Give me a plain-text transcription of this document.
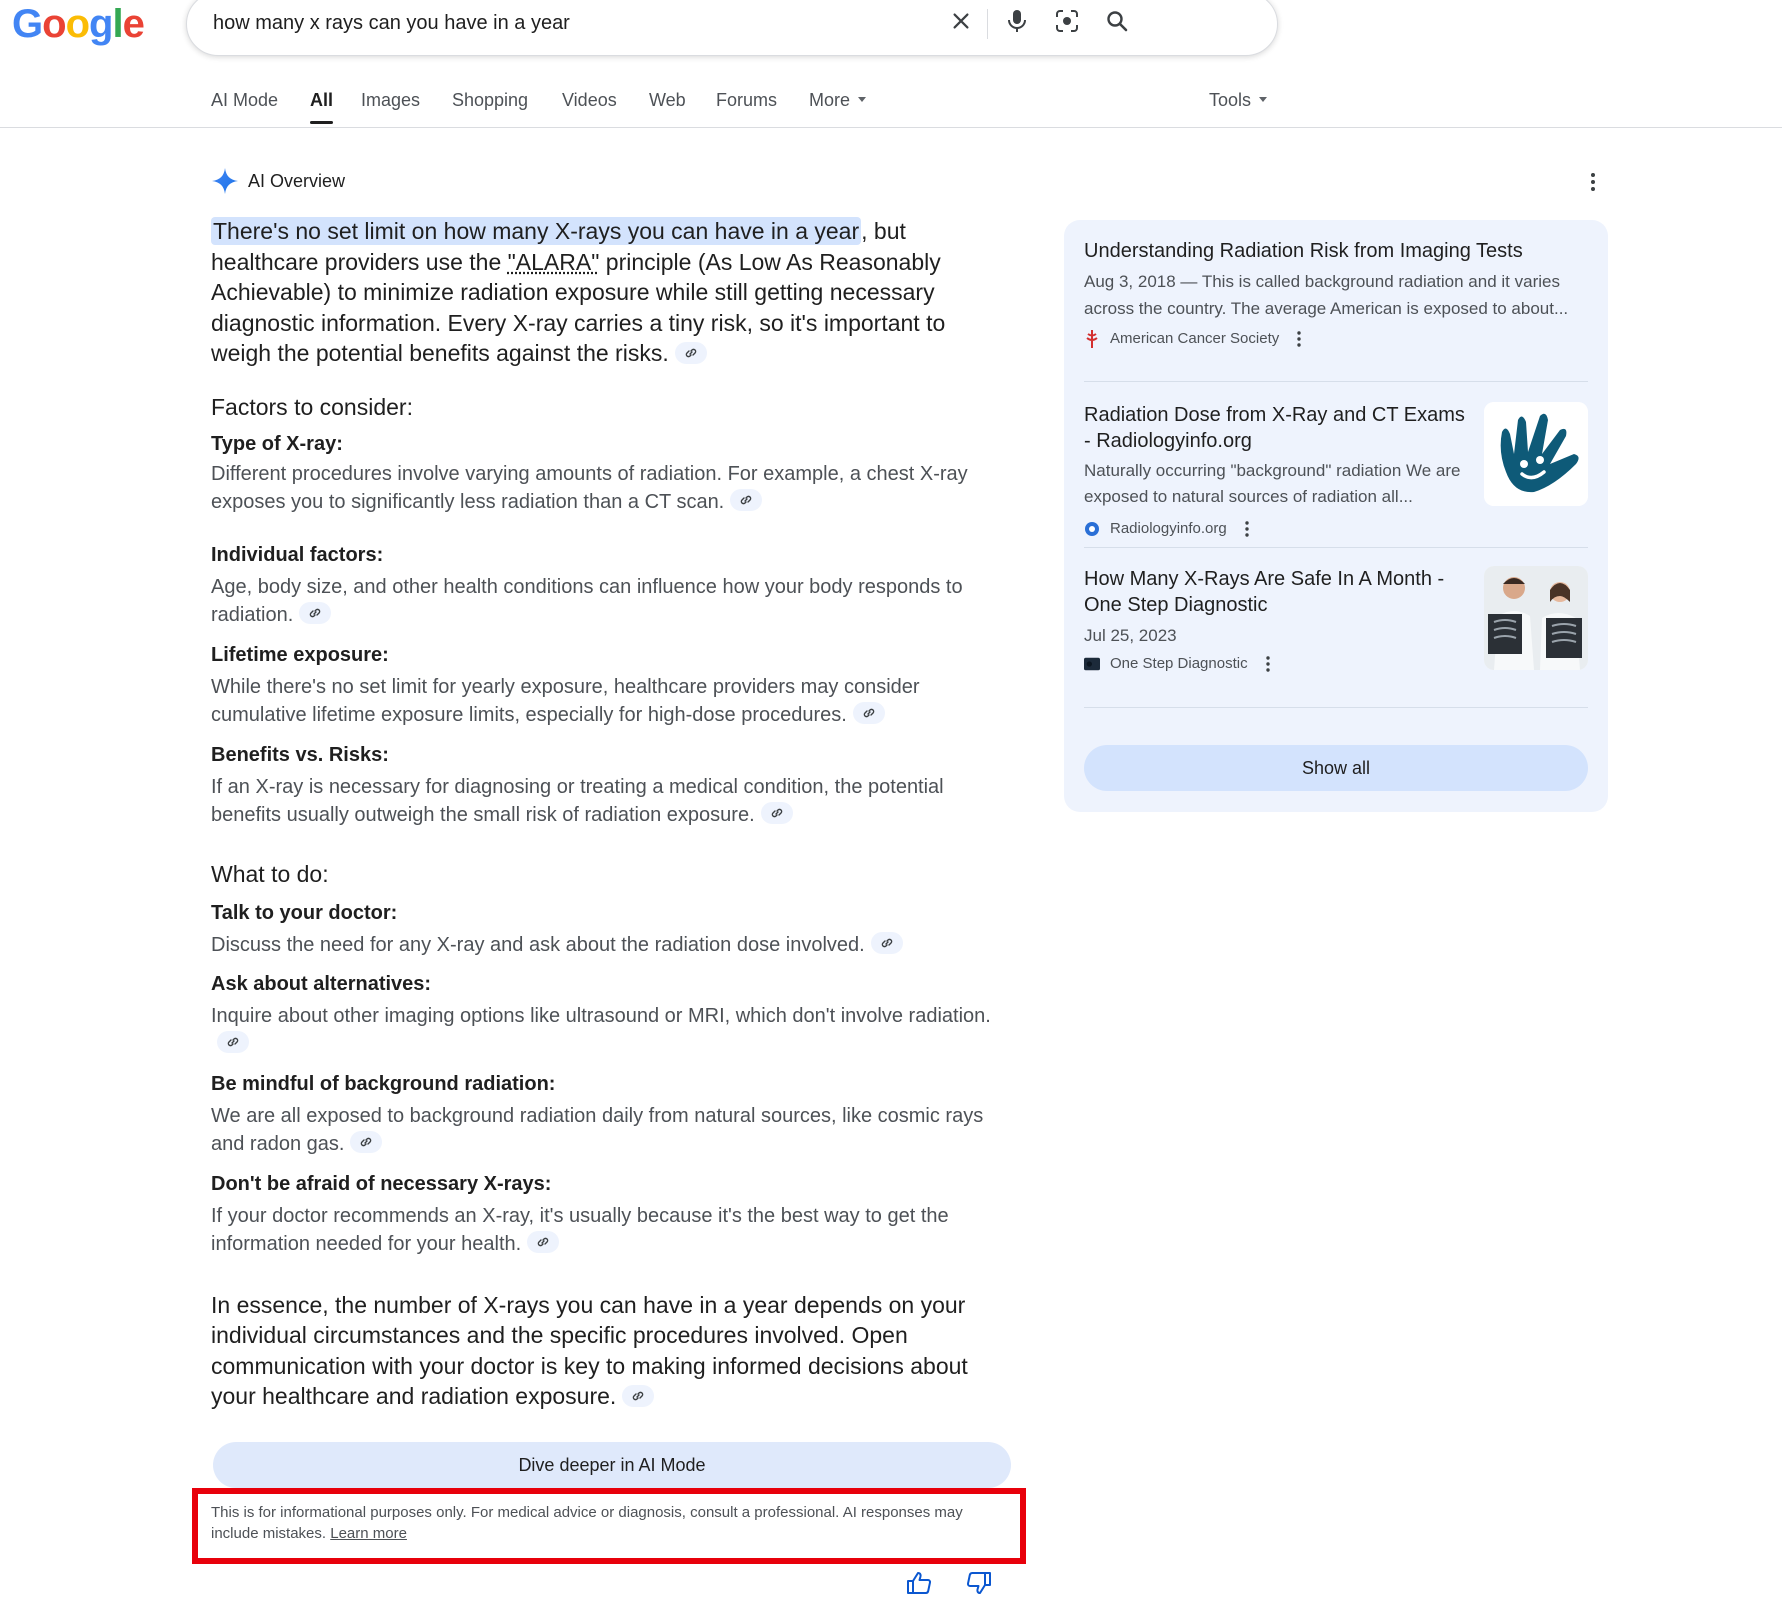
Google	how many x rays can you have in a year
AI Mode All Images Shopping Videos Web Forums More	Tools
AI Overview

There's no set limit on how many X-rays you can have in a year, but healthcare providers use the "ALARA" principle (As Low As Reasonably Achievable) to minimize radiation exposure while still getting necessary diagnostic information. Every X-ray carries a tiny risk, so it's important to weigh the potential benefits against the risks.

Factors to consider:
Type of X-ray:
Different procedures involve varying amounts of radiation. For example, a chest X-ray exposes you to significantly less radiation than a CT scan.
Individual factors:
Age, body size, and other health conditions can influence how your body responds to radiation.
Lifetime exposure:
While there's no set limit for yearly exposure, healthcare providers may consider cumulative lifetime exposure limits, especially for high-dose procedures.
Benefits vs. Risks:
If an X-ray is necessary for diagnosing or treating a medical condition, the potential benefits usually outweigh the small risk of radiation exposure.
What to do:
Talk to your doctor:
Discuss the need for any X-ray and ask about the radiation dose involved.
Ask about alternatives:
Inquire about other imaging options like ultrasound or MRI, which don't involve radiation.
Be mindful of background radiation:
We are all exposed to background radiation daily from natural sources, like cosmic rays and radon gas.
Don't be afraid of necessary X-rays:
If your doctor recommends an X-ray, it's usually because it's the best way to get the information needed for your health.

In essence, the number of X-rays you can have in a year depends on your individual circumstances and the specific procedures involved. Open communication with your doctor is key to making informed decisions about your healthcare and radiation exposure.

Dive deeper in AI Mode
This is for informational purposes only. For medical advice or diagnosis, consult a professional. AI responses may include mistakes. Learn more
Understanding Radiation Risk from Imaging Tests
Aug 3, 2018 — This is called background radiation and it varies across the country. The average American is exposed to about...
American Cancer Society
Radiation Dose from X-Ray and CT Exams - Radiologyinfo.org
Naturally occurring "background" radiation We are exposed to natural sources of radiation all...
Radiologyinfo.org
How Many X-Rays Are Safe In A Month - One Step Diagnostic
Jul 25, 2023
One Step Diagnostic
Show all
